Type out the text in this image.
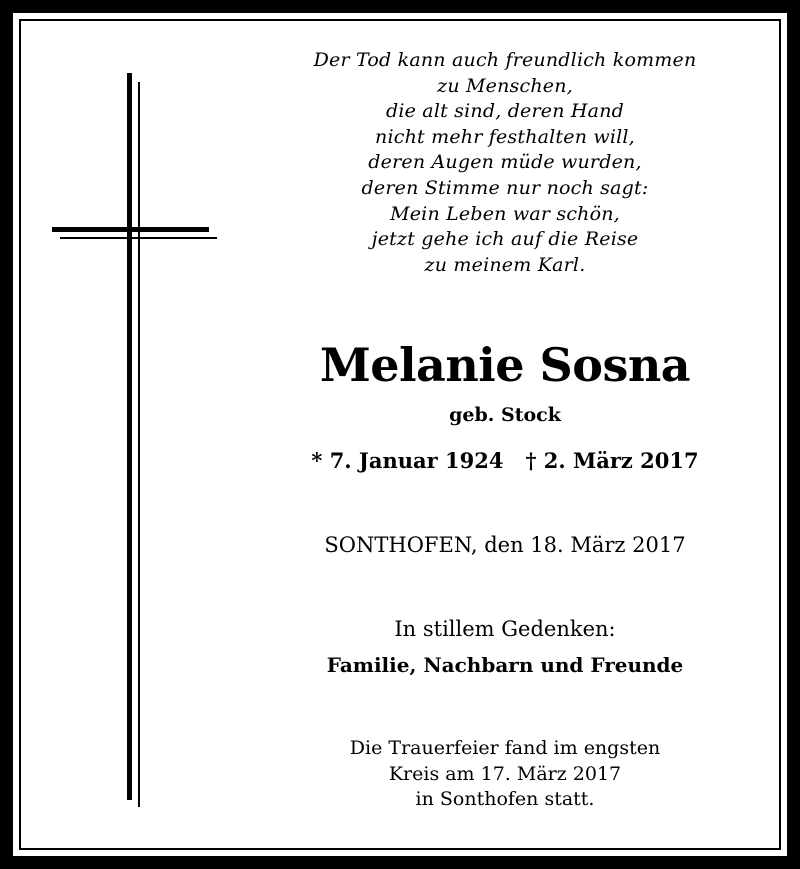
Der Tod kann auch freundlich kommen
zu Menschen,
die alt sind, deren Hand
nicht mehr festhalten will,
deren Augen müde wurden,
deren Stimme nur noch sagt:
Mein Leben war schön,
jetzt gehe ich auf die Reise
zu meinem Karl.
Melanie Sosna
geb. Stock
* 7. Januar 1924 † 2. März 2017
SONTHOFEN, den 18. März 2017
In stillem Gedenken:
Familie, Nachbarn und Freunde
Die Trauerfeier fand im engsten
Kreis am 17. März 2017
in Sonthofen statt.
